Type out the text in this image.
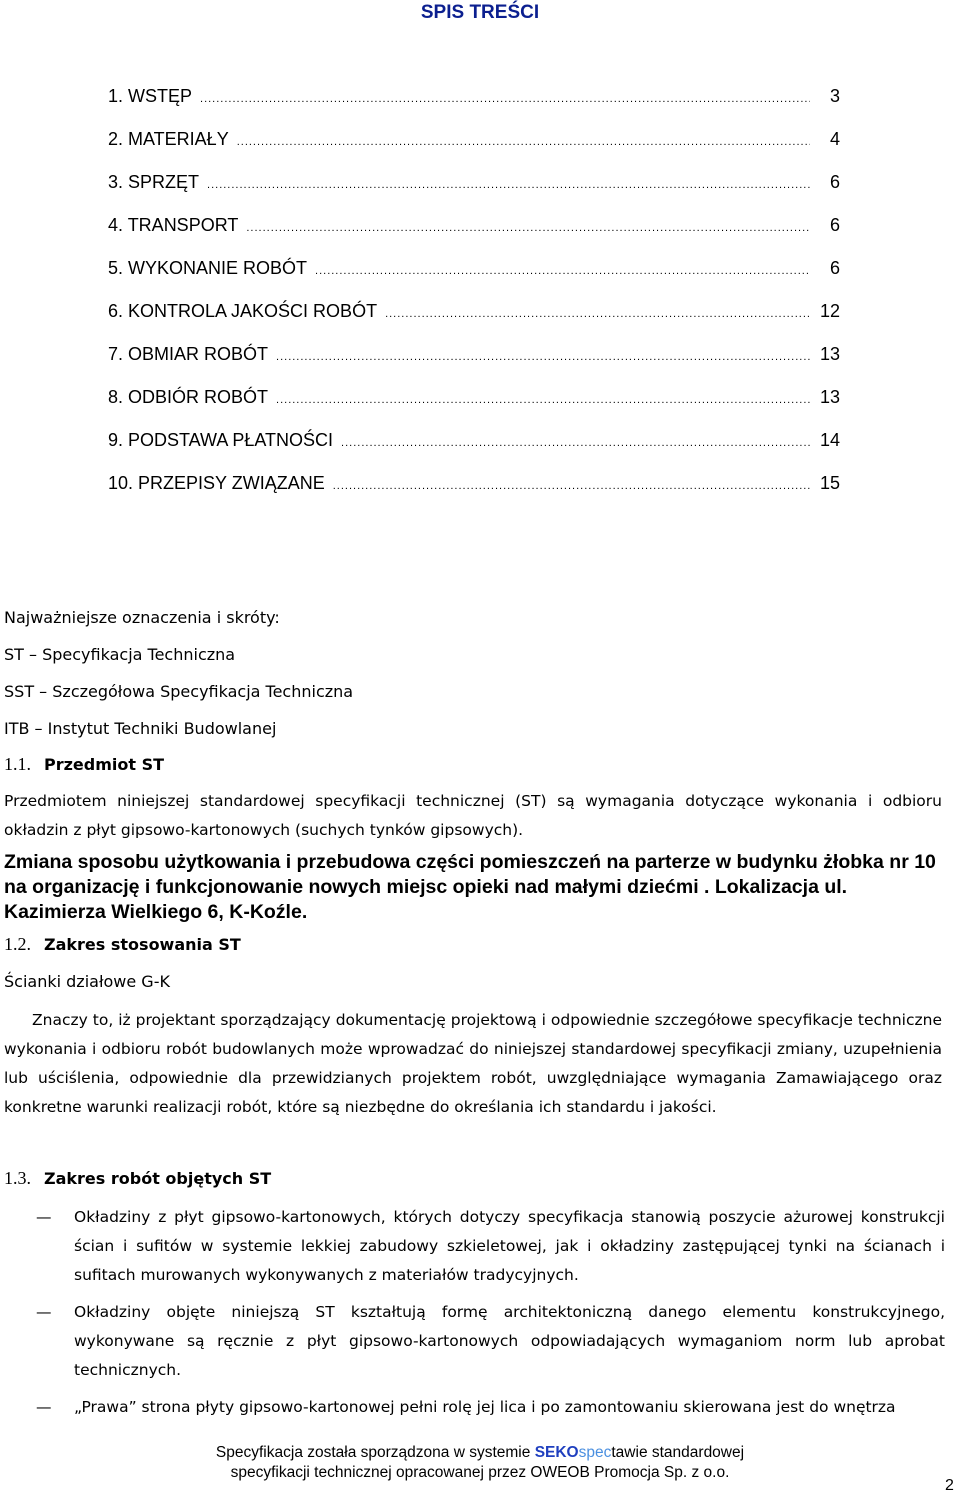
SPIS TREŚCI
1. WSTĘP .....	3
2. MATERIAŁY .....	4
3. SPRZĘT .....	6
4. TRANSPORT .....	6
5. WYKONANIE ROBÓT .....	6
6. KONTROLA JAKOŚCI ROBÓT .....	12
7. OBMIAR ROBÓT .....	13
8. ODBIÓR ROBÓT .....	13
9. PODSTAWA PŁATNOŚCI .....	14
10. PRZEPISY ZWIĄZANE .....	15
Najważniejsze oznaczenia i skróty:
ST – Specyfikacja Techniczna
SST – Szczegółowa Specyfikacja Techniczna
ITB – Instytut Techniki Budowlanej
1.1. Przedmiot ST
Przedmiotem niniejszej standardowej specyfikacji technicznej (ST) są wymagania dotyczące wykonania i odbioru okładzin z płyt gipsowo-kartonowych (suchych tynków gipsowych).
Zmiana sposobu użytkowania i przebudowa części pomieszczeń na parterze w budynku żłobka nr 10 na organizację i funkcjonowanie nowych miejsc opieki nad małymi dziećmi . Lokalizacja ul. Kazimierza Wielkiego 6, K-Koźle.
1.2. Zakres stosowania ST
Ścianki działowe G-K
Znaczy to, iż projektant sporządzający dokumentację projektową i odpowiednie szczegółowe specyfikacje techniczne wykonania i odbioru robót budowlanych może wprowadzać do niniejszej standardowej specyfikacji zmiany, uzupełnienia lub uściślenia, odpowiednie dla przewidzianych projektem robót, uwzględniające wymagania Zamawiającego oraz konkretne warunki realizacji robót, które są niezbędne do określania ich standardu i jakości.
1.3. Zakres robót objętych ST
— Okładziny z płyt gipsowo-kartonowych, których dotyczy specyfikacja stanowią poszycie ażurowej konstrukcji ścian i sufitów w systemie lekkiej zabudowy szkieletowej, jak i okładziny zastępującej tynki na ścianach i sufitach murowanych wykonywanych z materiałów tradycyjnych.
— Okładziny objęte niniejszą ST kształtują formę architektoniczną danego elementu konstrukcyjnego, wykonywane są ręcznie z płyt gipsowo-kartonowych odpowiadających wymaganiom norm lub aprobat technicznych.
— „Prawa” strona płyty gipsowo-kartonowej pełni rolę jej lica i po zamontowaniu skierowana jest do wnętrza
Specyfikacja została sporządzona w systemie SEKOspectawie standardowej
specyfikacji technicznej opracowanej przez OWEOB Promocja Sp. z o.o.
2
